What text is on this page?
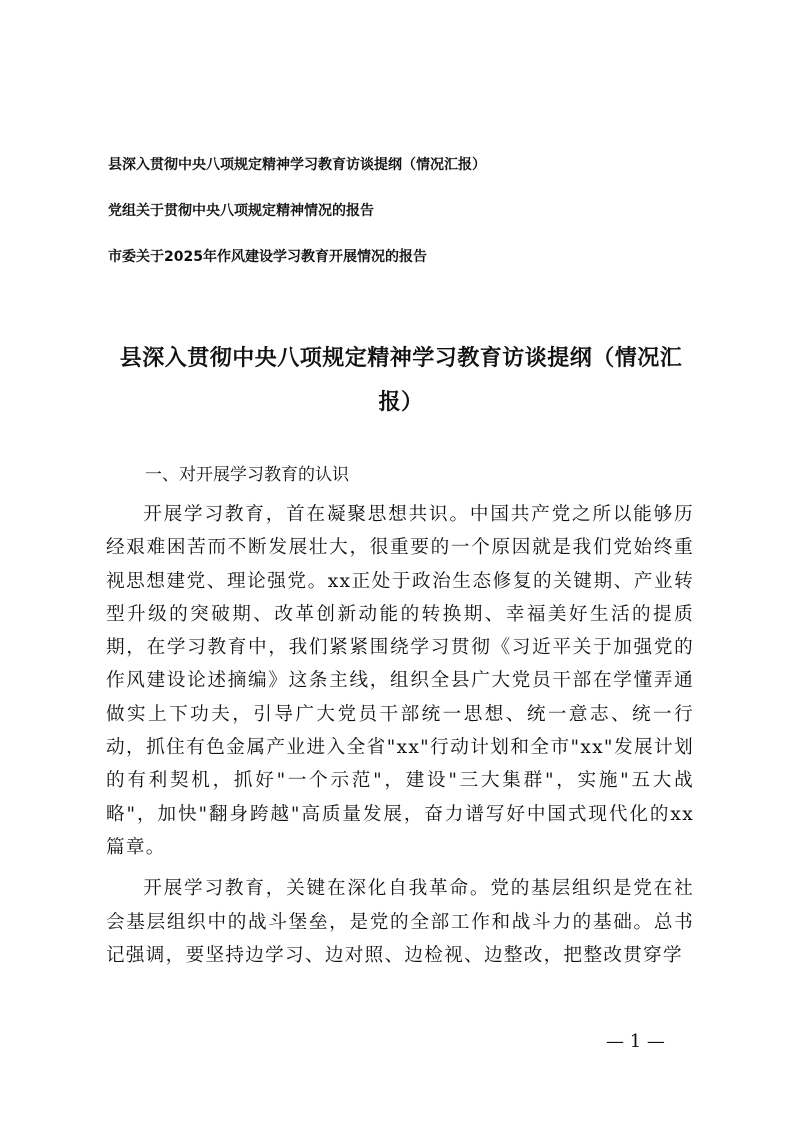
县深入贯彻中央八项规定精神学习教育访谈提纲（情况汇报）
党组关于贯彻中央八项规定精神情况的报告
市委关于2025年作风建设学习教育开展情况的报告
县深入贯彻中央八项规定精神学习教育访谈提纲（情况汇报）
一、对开展学习教育的认识

开展学习教育，首在凝聚思想共识。中国共产党之所以能够历经艰难困苦而不断发展壮大，很重要的一个原因就是我们党始终重视思想建党、理论强党。xx正处于政治生态修复的关键期、产业转型升级的突破期、改革创新动能的转换期、幸福美好生活的提质期，在学习教育中，我们紧紧围绕学习贯彻《习近平关于加强党的作风建设论述摘编》这条主线，组织全县广大党员干部在学懂弄通做实上下功夫，引导广大党员干部统一思想、统一意志、统一行动，抓住有色金属产业进入全省"xx"行动计划和全市"xx"发展计划的有利契机，抓好"一个示范"，建设"三大集群"，实施"五大战略"，加快"翻身跨越"高质量发展，奋力谱写好中国式现代化的xx篇章。

开展学习教育，关键在深化自我革命。党的基层组织是党在社会基层组织中的战斗堡垒，是党的全部工作和战斗力的基础。总书记强调，要坚持边学习、边对照、边检视、边整改，把整改贯穿学

— 1 —
